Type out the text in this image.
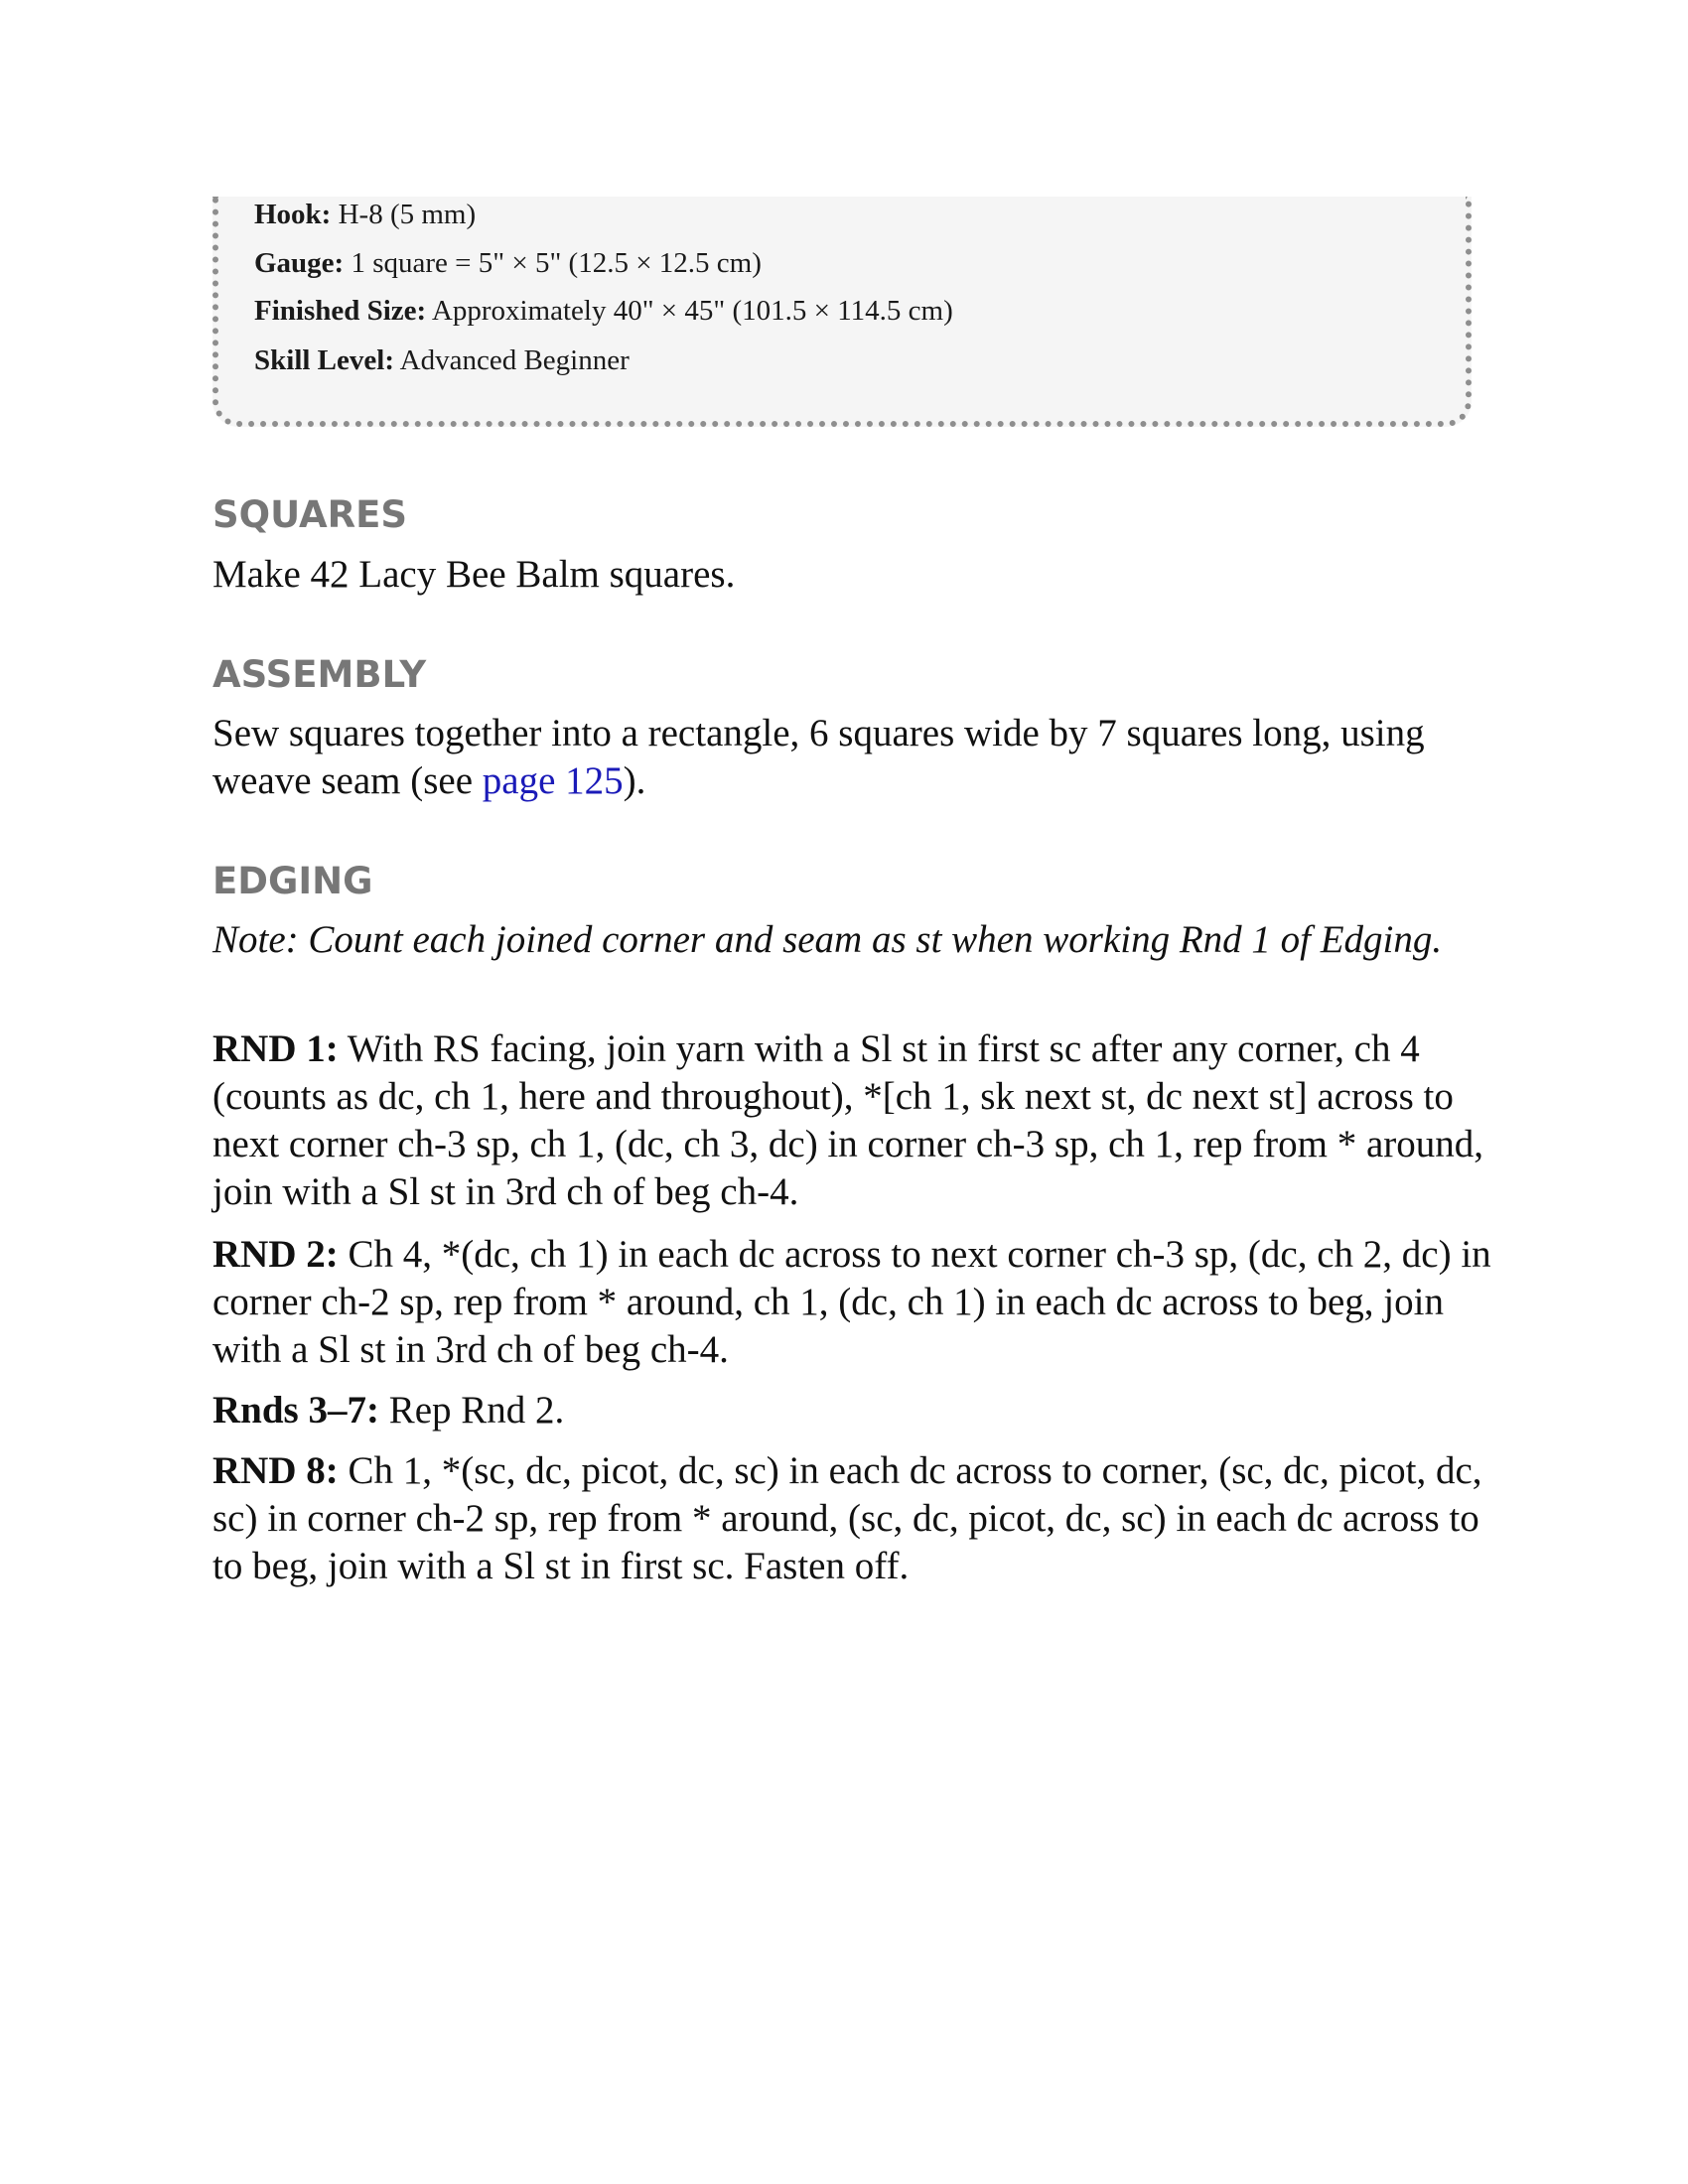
Hook: H-8 (5 mm)
Gauge: 1 square = 5" × 5" (12.5 × 12.5 cm)
Finished Size: Approximately 40" × 45" (101.5 × 114.5 cm)
Skill Level: Advanced Beginner
SQUARES
Make 42 Lacy Bee Balm squares.
ASSEMBLY
Sew squares together into a rectangle, 6 squares wide by 7 squares long, using weave seam (see page 125).
EDGING
Note: Count each joined corner and seam as st when working Rnd 1 of Edging.
RND 1: With RS facing, join yarn with a Sl st in first sc after any corner, ch 4 (counts as dc, ch 1, here and throughout), *[ch 1, sk next st, dc next st] across to next corner ch-3 sp, ch 1, (dc, ch 3, dc) in corner ch-3 sp, ch 1, rep from * around, join with a Sl st in 3rd ch of beg ch-4.
RND 2: Ch 4, *(dc, ch 1) in each dc across to next corner ch-3 sp, (dc, ch 2, dc) in corner ch-2 sp, rep from * around, ch 1, (dc, ch 1) in each dc across to beg, join with a Sl st in 3rd ch of beg ch-4.
Rnds 3–7: Rep Rnd 2.
RND 8: Ch 1, *(sc, dc, picot, dc, sc) in each dc across to corner, (sc, dc, picot, dc, sc) in corner ch-2 sp, rep from * around, (sc, dc, picot, dc, sc) in each dc across to to beg, join with a Sl st in first sc. Fasten off.
